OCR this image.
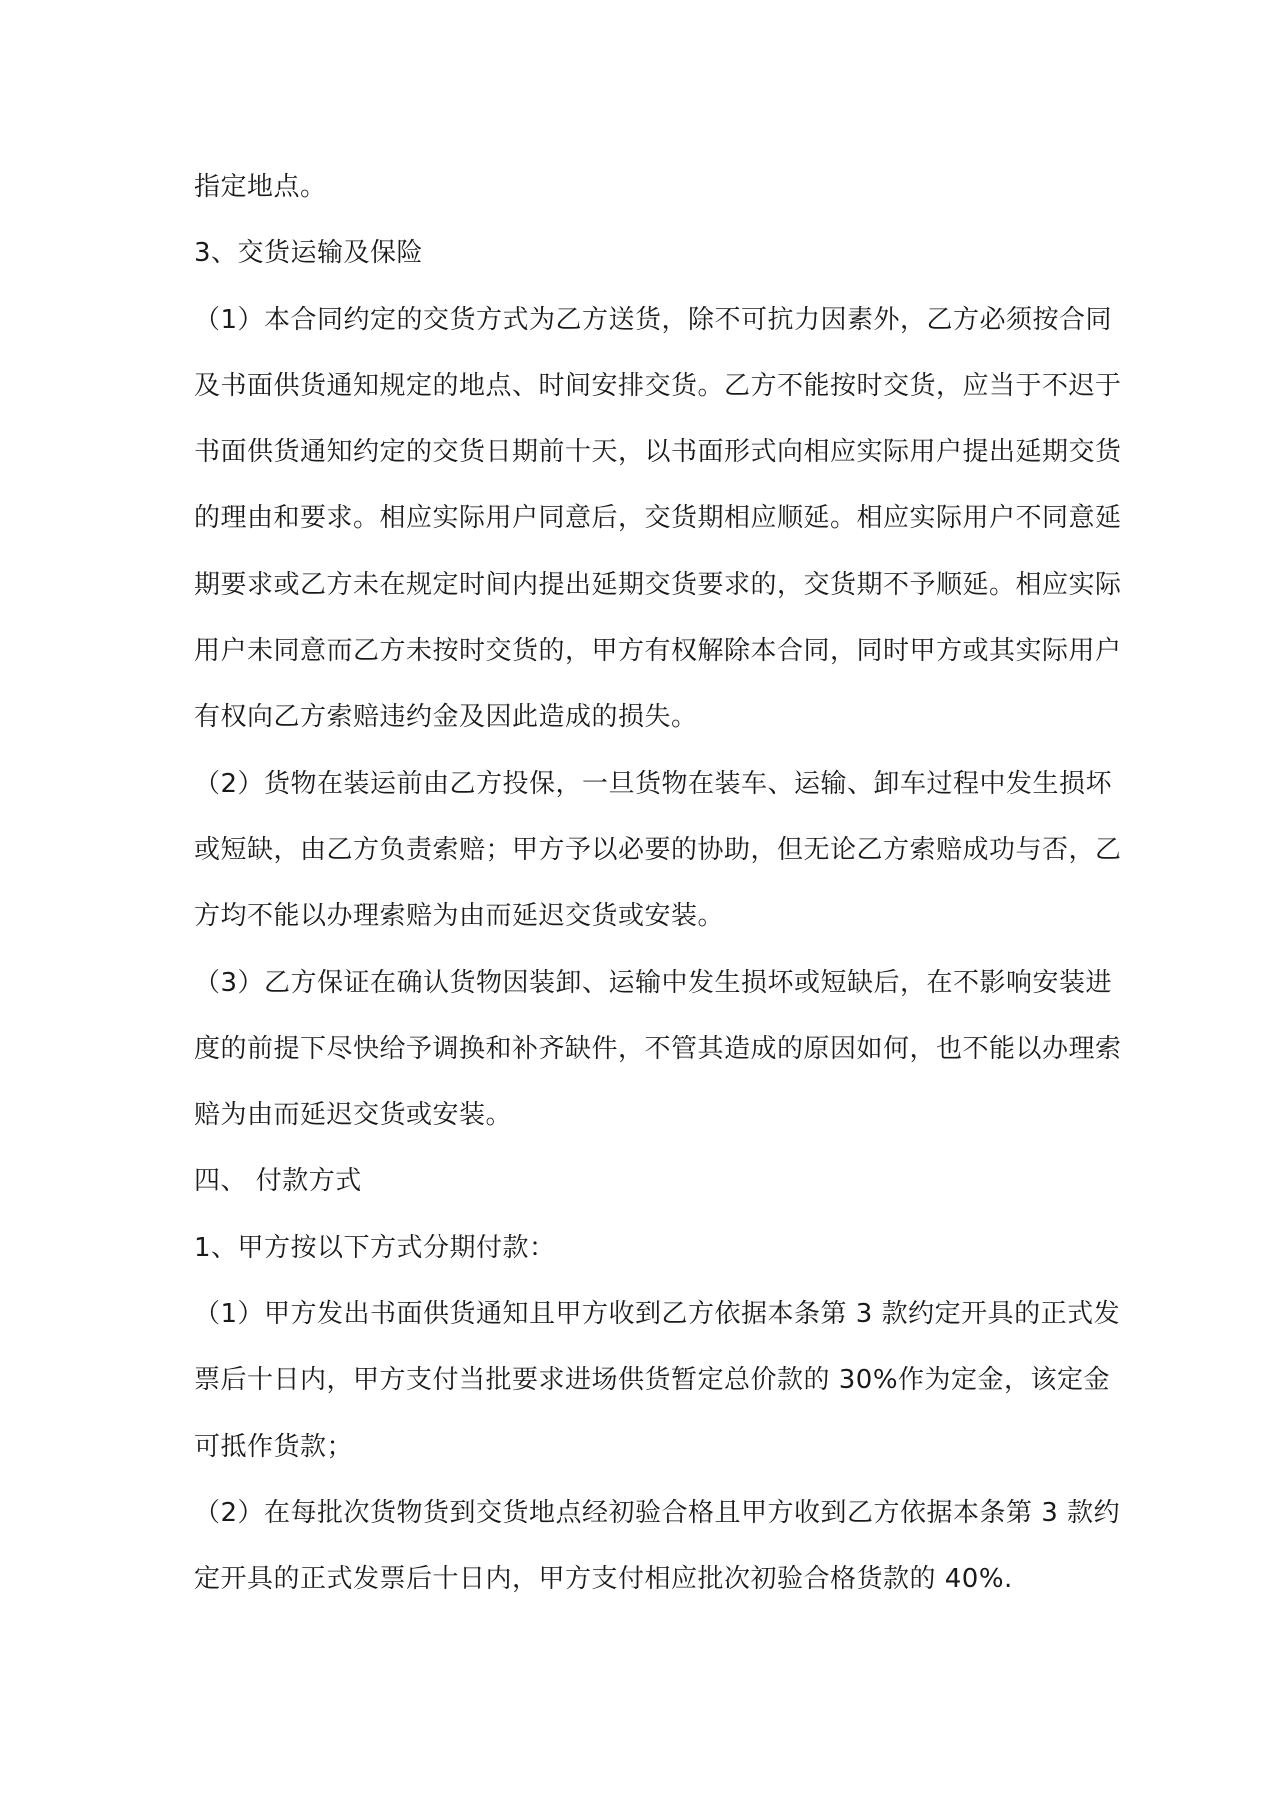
指定地点。
3、交货运输及保险
（1）本合同约定的交货方式为乙方送货，除不可抗力因素外，乙方必须按合同
及书面供货通知规定的地点、时间安排交货。乙方不能按时交货，应当于不迟于
书面供货通知约定的交货日期前十天，以书面形式向相应实际用户提出延期交货
的理由和要求。相应实际用户同意后，交货期相应顺延。相应实际用户不同意延
期要求或乙方未在规定时间内提出延期交货要求的，交货期不予顺延。相应实际
用户未同意而乙方未按时交货的，甲方有权解除本合同，同时甲方或其实际用户
有权向乙方索赔违约金及因此造成的损失。
（2）货物在装运前由乙方投保，一旦货物在装车、运输、卸车过程中发生损坏
或短缺，由乙方负责索赔；甲方予以必要的协助，但无论乙方索赔成功与否，乙
方均不能以办理索赔为由而延迟交货或安装。
（3）乙方保证在确认货物因装卸、运输中发生损坏或短缺后，在不影响安装进
度的前提下尽快给予调换和补齐缺件，不管其造成的原因如何，也不能以办理索
赔为由而延迟交货或安装。
四、 付款方式
1、甲方按以下方式分期付款：
（1）甲方发出书面供货通知且甲方收到乙方依据本条第 3 款约定开具的正式发
票后十日内，甲方支付当批要求进场供货暂定总价款的 30%作为定金，该定金
可抵作货款；
（2）在每批次货物货到交货地点经初验合格且甲方收到乙方依据本条第 3 款约
定开具的正式发票后十日内，甲方支付相应批次初验合格货款的 40%.
